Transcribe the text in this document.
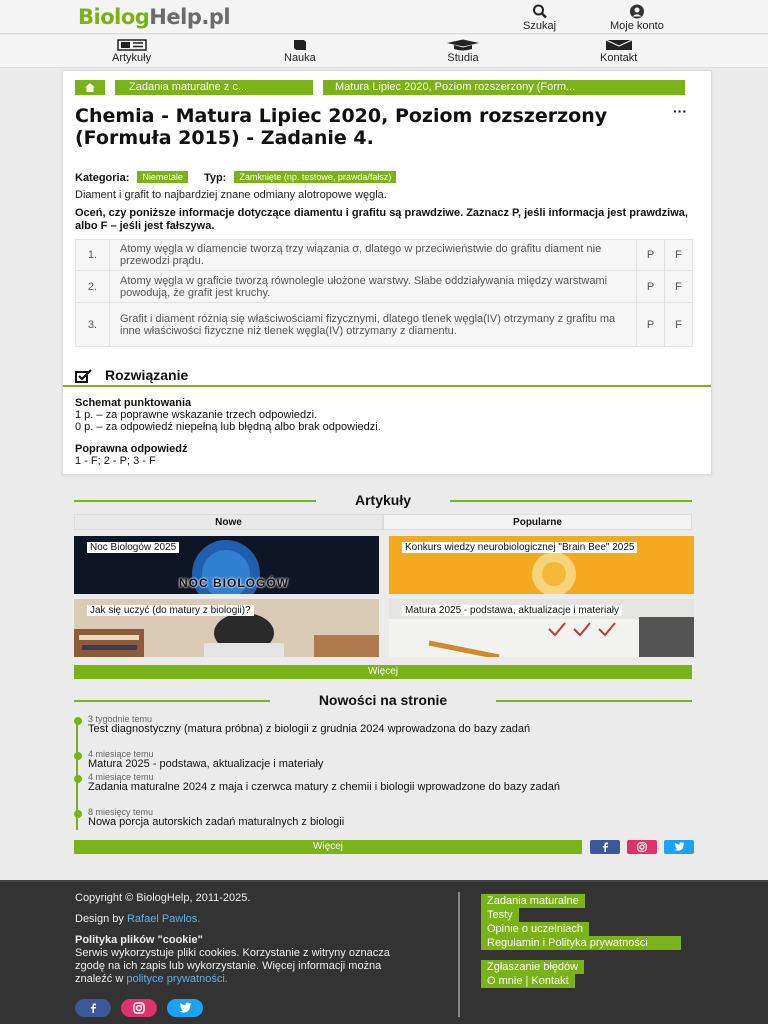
BiologHelp.pl	Szukaj	Moje konto
Artykuły	Nauka	Studia	Kontakt
Zadania maturalne z c...	Matura Lipiec 2020, Poziom rozszerzony (Form...
Chemia - Matura Lipiec 2020, Poziom rozszerzony (Formuła 2015) - Zadanie 4.
···
Kategoria: Niemetale Typ: Zamknięte (np. testowe, prawda/fałsz)
Diament i grafit to najbardziej znane odmiany alotropowe węgla.
Oceń, czy poniższe informacje dotyczące diamentu i grafitu są prawdziwe. Zaznacz P, jeśli informacja jest prawdziwa, albo F – jeśli jest fałszywa.
1.	Atomy węgla w diamencie tworzą trzy wiązania σ, dlatego w przeciwieństwie do grafitu diament nie przewodzi prądu.	P	F
2.	Atomy węgla w graficie tworzą równolegle ułożone warstwy. Słabe oddziaływania między warstwami powodują, że grafit jest kruchy.	P	F
3.	Grafit i diament różnią się właściwościami fizycznymi, dlatego tlenek węgla(IV) otrzymany z grafitu ma inne właściwości fizyczne niż tlenek węgla(IV) otrzymany z diamentu.	P	F
Rozwiązanie
Schemat punktowania
1 p. – za poprawne wskazanie trzech odpowiedzi.
0 p. – za odpowiedź niepełną lub błędną albo brak odpowiedzi.
Poprawna odpowiedź
1 - F; 2 - P; 3 - F
Artykuły
Nowe	Popularne
NOC BIOLOGÓW
Noc Biologów 2025	Konkurs wiedzy neurobiologicznej "Brain Bee" 2025
Jak się uczyć (do matury z biologii)?	Matura 2025 - podstawa, aktualizacje i materiały
Więcej
Nowości na stronie
3 tygodnie temu
Test diagnostyczny (matura próbna) z biologii z grudnia 2024 wprowadzona do bazy zadań
4 miesiące temu
Matura 2025 - podstawa, aktualizacje i materiały
4 miesiące temu
Zadania maturalne 2024 z maja i czerwca matury z chemii i biologii wprowadzone do bazy zadań
8 miesięcy temu
Nowa porcja autorskich zadań maturalnych z biologii
Więcej
Copyright © BiologHelp, 2011-2025.
Design by Rafael Pawlos.
Polityka plików "cookie"
Serwis wykorzystuje pliki cookies. Korzystanie z witryny oznacza zgodę na ich zapis lub wykorzystanie. Więcej informacji można znaleźć w polityce prywatności.
Zadania maturalne
Testy
Opinie o uczelniach
Regulamin i Polityka prywatności
Zgłaszanie błędów
O mnie | Kontakt
